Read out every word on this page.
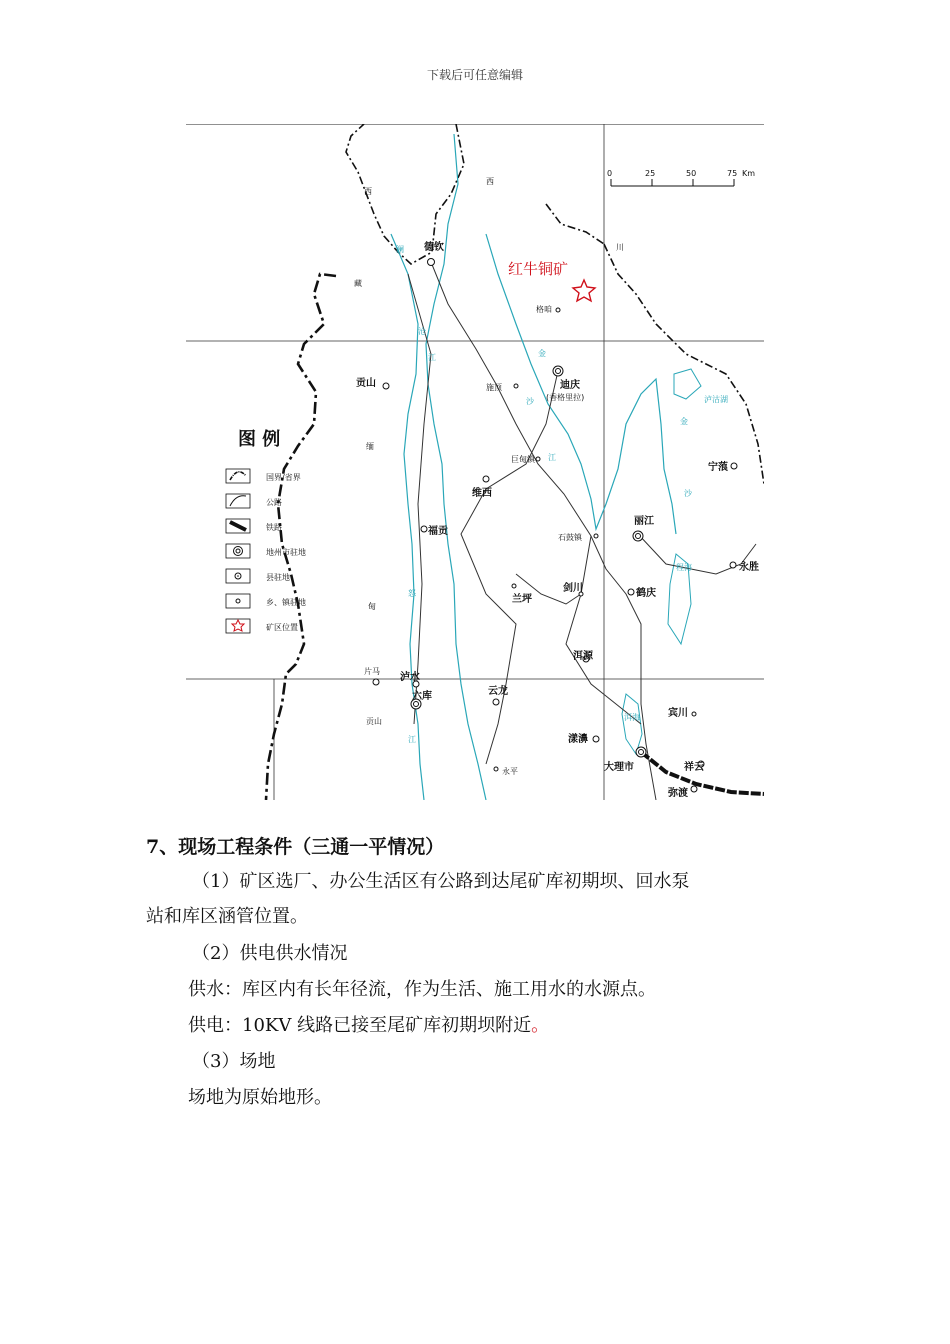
下载后可任意编辑
0	25	50	75 Km
西
西
川
藏
缅
甸
红牛铜矿
德钦
格咱
迪庆
(香格里拉)
贡山	施顶
巨甸镇
维西
福贡
石鼓镇
丽江
宁蒗
永胜
剑川	鹤庆
兰坪
洱源
泸水
六库	云龙
宾川
漾濞
大理市	祥云
弥渡
永平
片马
贡山
澜
沧
江
怒
江
金
沙
江
金
沙
泸沽湖
程海
洱海
图 例
国界/省界
公路
铁路
地州市驻地
县驻地
乡、镇驻地
矿区位置
7、现场工程条件（三通一平情况）
（1）矿区选厂、办公生活区有公路到达尾矿库初期坝、回水泵
站和库区涵管位置。
（2）供电供水情况
供水：库区内有长年径流，作为生活、施工用水的水源点。
供电：10KV 线路已接至尾矿库初期坝附近。
（3）场地
场地为原始地形。
